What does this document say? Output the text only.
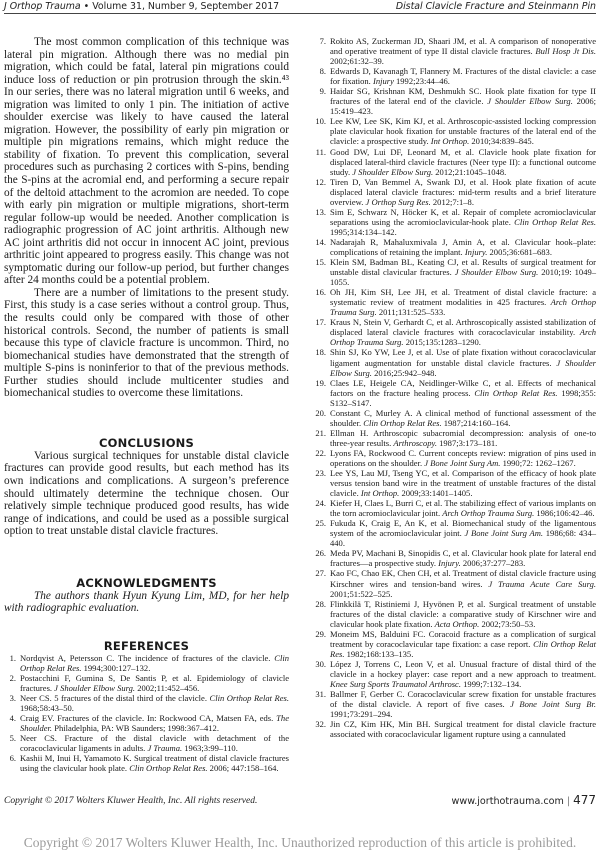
J Orthop Trauma • Volume 31, Number 9, September 2017	Distal Clavicle Fracture and Steinmann Pin

The most common complication of this technique was lateral pin migration. Although there was no medial pin migration, which could be fatal, lateral pin migrations could induce loss of reduction or pin protrusion through the skin.⁴³ In our series, there was no lateral migration until 6 weeks, and migration was limited to only 1 pin. The initiation of active shoulder exercise was likely to have caused the lateral migration. However, the possibility of early pin migration or multiple pin migrations remains, which might reduce the stability of fixation. To prevent this complication, several procedures such as purchasing 2 cortices with S-pins, bending the S-pins at the acromial end, and performing a secure repair of the deltoid attachment to the acromion are needed. To cope with early pin migration or multiple migrations, short-term regular follow-up would be needed. Another complication is radiographic progression of AC joint arthritis. Although new AC joint arthritis did not occur in innocent AC joint, previous arthritic joint appeared to progress easily. This change was not symptomatic during our follow-up period, but further changes after 24 months could be a potential problem.

There are a number of limitations to the present study. First, this study is a case series without a control group. Thus, the results could only be compared with those of other historical controls. Second, the number of patients is small because this type of clavicle fracture is uncommon. Third, no biomechanical studies have demonstrated that the strength of multiple S-pins is noninferior to that of the previous methods. Further studies should include multicenter studies and biomechanical studies to overcome these limitations.

CONCLUSIONS

Various surgical techniques for unstable distal clavicle fractures can provide good results, but each method has its own indications and complications. A surgeon’s preference should ultimately determine the technique chosen. Our relatively simple technique produced good results, has wide range of indications, and could be used as a possible surgical option to treat unstable distal clavicle fractures.

ACKNOWLEDGMENTS

The authors thank Hyun Kyung Lim, MD, for her help with radiographic evaluation.

REFERENCES
1. Nordqvist A, Petersson C. The incidence of fractures of the clavicle. Clin Orthop Relat Res. 1994;300:127–132.
2. Postacchini F, Gumina S, De Santis P, et al. Epidemiology of clavicle fractures. J Shoulder Elbow Surg. 2002;11:452–456.
3. Neer CS. 5 fractures of the distal third of the clavicle. Clin Orthop Relat Res. 1968;58:43–50.
4. Craig EV. Fractures of the clavicle. In: Rockwood CA, Matsen FA, eds. The Shoulder. Philadelphia, PA: WB Saunders; 1998:367–412.
5. Neer CS. Fracture of the distal clavicle with detachment of the coracoclavicular ligaments in adults. J Trauma. 1963;3:99–110.
6. Kashii M, Inui H, Yamamoto K. Surgical treatment of distal clavicle fractures using the clavicular hook plate. Clin Orthop Relat Res. 2006; 447:158–164.
7. Rokito AS, Zuckerman JD, Shaari JM, et al. A comparison of nonoperative and operative treatment of type II distal clavicle fractures. Bull Hosp Jt Dis. 2002;61:32–39.
8. Edwards D, Kavanagh T, Flannery M. Fractures of the distal clavicle: a case for fixation. Injury 1992;23:44–46.
9. Haidar SG, Krishnan KM, Deshmukh SC. Hook plate fixation for type II fractures of the lateral end of the clavicle. J Shoulder Elbow Surg. 2006; 15:419–423.
10. Lee KW, Lee SK, Kim KJ, et al. Arthroscopic-assisted locking compression plate clavicular hook fixation for unstable fractures of the lateral end of the clavicle: a prospective study. Int Orthop. 2010;34:839–845.
11. Good DW, Lui DF, Leonard M, et al. Clavicle hook plate fixation for displaced lateral-third clavicle fractures (Neer type II): a functional outcome study. J Shoulder Elbow Surg. 2012;21:1045–1048.
12. Tiren D, Van Bemmel A, Swank DJ, et al. Hook plate fixation of acute displaced lateral clavicle fractures: mid-term results and a brief literature overview. J Orthop Surg Res. 2012;7:1–8.
13. Sim E, Schwarz N, Höcker K, et al. Repair of complete acromioclavicular separations using the acromioclavicular-hook plate. Clin Orthop Relat Res. 1995;314:134–142.
14. Nadarajah R, Mahaluxmivala J, Amin A, et al. Clavicular hook–plate: complications of retaining the implant. Injury. 2005;36:681–683.
15. Klein SM, Badman BL, Keating CJ, et al. Results of surgical treatment for unstable distal clavicular fractures. J Shoulder Elbow Surg. 2010;19: 1049–1055.
16. Oh JH, Kim SH, Lee JH, et al. Treatment of distal clavicle fracture: a systematic review of treatment modalities in 425 fractures. Arch Orthop Trauma Surg. 2011;131:525–533.
17. Kraus N, Stein V, Gerhardt C, et al. Arthroscopically assisted stabilization of displaced lateral clavicle fractures with coracoclavicular instability. Arch Orthop Trauma Surg. 2015;135:1283–1290.
18. Shin SJ, Ko YW, Lee J, et al. Use of plate fixation without coracoclavicular ligament augmentation for unstable distal clavicle fractures. J Shoulder Elbow Surg. 2016;25:942–948.
19. Claes LE, Heigele CA, Neidlinger-Wilke C, et al. Effects of mechanical factors on the fracture healing process. Clin Orthop Relat Res. 1998;355: S132–S147.
20. Constant C, Murley A. A clinical method of functional assessment of the shoulder. Clin Orthop Relat Res. 1987;214:160–164.
21. Ellman H. Arthroscopic subacromial decompression: analysis of one-to three-year results. Arthroscopy. 1987;3:173–181.
22. Lyons FA, Rockwood C. Current concepts review: migration of pins used in operations on the shoulder. J Bone Joint Surg Am. 1990;72: 1262–1267.
23. Lee YS, Lau MJ, Tseng YC, et al. Comparison of the efficacy of hook plate versus tension band wire in the treatment of unstable fractures of the distal clavicle. Int Orthop. 2009;33:1401–1405.
24. Kiefer H, Claes L, Burri C, et al. The stabilizing effect of various implants on the torn acromioclavicular joint. Arch Orthop Trauma Surg. 1986;106:42–46.
25. Fukuda K, Craig E, An K, et al. Biomechanical study of the ligamentous system of the acromioclavicular joint. J Bone Joint Surg Am. 1986;68: 434–440.
26. Meda PV, Machani B, Sinopidis C, et al. Clavicular hook plate for lateral end fractures—a prospective study. Injury. 2006;37:277–283.
27. Kao FC, Chao EK, Chen CH, et al. Treatment of distal clavicle fracture using Kirschner wires and tension-band wires. J Trauma Acute Care Surg. 2001;51:522–525.
28. Flinkkilä T, Ristiniemi J, Hyvönen P, et al. Surgical treatment of unstable fractures of the distal clavicle: a comparative study of Kirschner wire and clavicular hook plate fixation. Acta Orthop. 2002;73:50–53.
29. Moneim MS, Balduini FC. Coracoid fracture as a complication of surgical treatment by coracoclavicular tape fixation: a case report. Clin Orthop Relat Res. 1982;168:133–135.
30. López J, Torrens C, Leon V, et al. Unusual fracture of distal third of the clavicle in a hockey player: case report and a new approach to treatment. Knee Surg Sports Traumatol Arthrosc. 1999;7:132–134.
31. Ballmer F, Gerber C. Coracoclavicular screw fixation for unstable fractures of the distal clavicle. A report of five cases. J Bone Joint Surg Br. 1991;73:291–294.
32. Jin CZ, Kim HK, Min BH. Surgical treatment for distal clavicle fracture associated with coracoclavicular ligament rupture using a cannulated
Copyright © 2017 Wolters Kluwer Health, Inc. All rights reserved.	www.jorthotrauma.com | 477
Copyright © 2017 Wolters Kluwer Health, Inc. Unauthorized reproduction of this article is prohibited.
